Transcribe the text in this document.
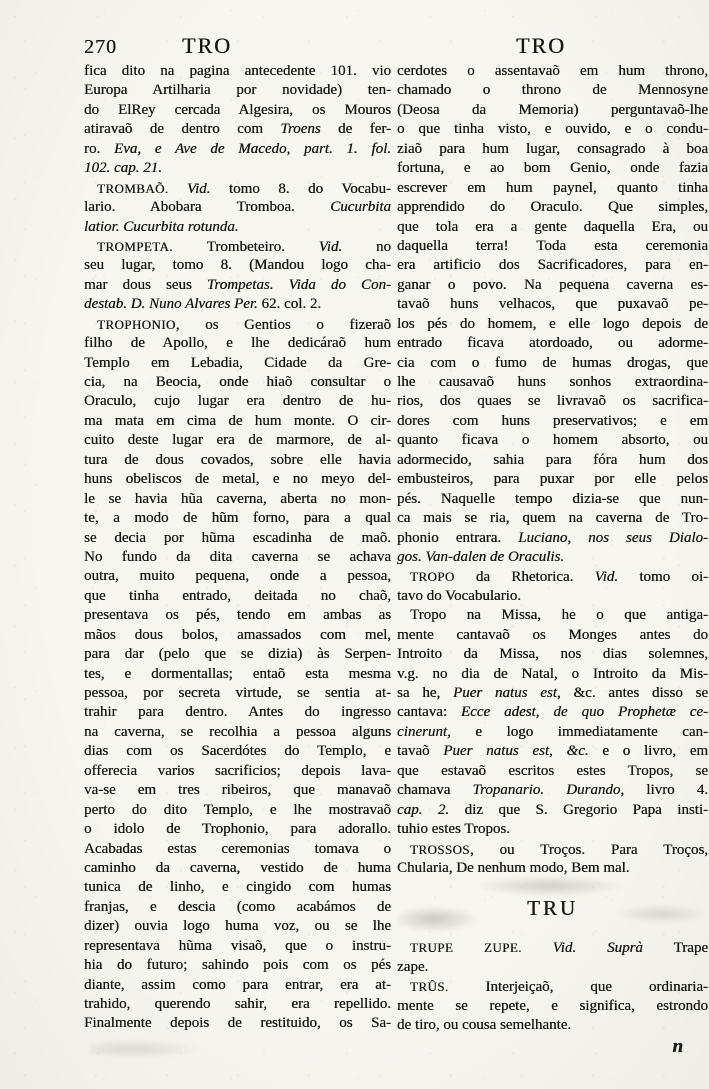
270	TRO	TRO
fica dito na pagina antecedente 101. vio
Europa Artilharia por novidade) ten-
do ElRey cercada Algesira, os Mouros
atiravaõ de dentro com Troens de fer-
ro. Eva, e Ave de Macedo, part. 1. fol.
102. cap. 21.
TROMBAÕ. Vid. tomo 8. do Vocabu-
lario. Abobara Tromboa. Cucurbita
latior. Cucurbita rotunda.
TROMPETA. Trombeteiro. Vid. no
seu lugar, tomo 8. (Mandou logo cha-
mar dous seus Trompetas. Vida do Con-
destab. D. Nuno Alvares Per. 62. col. 2.
TROPHONIO, os Gentios o fizeraõ
filho de Apollo, e lhe dedicáraõ hum
Templo em Lebadia, Cidade da Gre-
cia, na Beocia, onde hiaõ consultar o
Oraculo, cujo lugar era dentro de hu-
ma mata em cima de hum monte. O cir-
cuito deste lugar era de marmore, de al-
tura de dous covados, sobre elle havia
huns obeliscos de metal, e no meyo del-
le se havia hũa caverna, aberta no mon-
te, a modo de hũm forno, para a qual
se decia por hũma escadinha de maõ.
No fundo da dita caverna se achava
outra, muito pequena, onde a pessoa,
que tinha entrado, deitada no chaõ,
presentava os pés, tendo em ambas as
mãos dous bolos, amassados com mel,
para dar (pelo que se dizia) às Serpen-
tes, e dormentallas; entaõ esta mesma
pessoa, por secreta virtude, se sentia at-
trahir para dentro. Antes do ingresso
na caverna, se recolhia a pessoa alguns
dias com os Sacerdótes do Templo, e
offerecia varios sacrificios; depois lava-
va-se em tres ribeiros, que manavaõ
perto do dito Templo, e lhe mostravaõ
o idolo de Trophonio, para adorallo.
Acabadas estas ceremonias tomava o
caminho da caverna, vestido de huma
tunica de linho, e cingido com humas
franjas, e descia (como acabámos de
dizer) ouvia logo huma voz, ou se lhe
representava hũma visaõ, que o instru-
hia do futuro; sahindo pois com os pés
diante, assim como para entrar, era at-
trahido, querendo sahir, era repellido.
Finalmente depois de restituido, os Sa-
cerdotes o assentavaõ em hum throno,
chamado o throno de Mennosyne
(Deosa da Memoria) perguntavaõ-lhe
o que tinha visto, e ouvido, e o condu-
ziaõ para hum lugar, consagrado à boa
fortuna, e ao bom Genio, onde fazia
escrever em hum paynel, quanto tinha
apprendido do Oraculo. Que simples,
que tola era a gente daquella Era, ou
daquella terra! Toda esta ceremonia
era artificio dos Sacrificadores, para en-
ganar o povo. Na pequena caverna es-
tavaõ huns velhacos, que puxavaõ pe-
los pés do homem, e elle logo depois de
entrado ficava atordoado, ou adorme-
cia com o fumo de humas drogas, que
lhe causavaõ huns sonhos extraordina-
rios, dos quaes se livravaõ os sacrifica-
dores com huns preservativos; e em
quanto ficava o homem absorto, ou
adormecido, sahia para fóra hum dos
embusteiros, para puxar por elle pelos
pés. Naquelle tempo dizia-se que nun-
ca mais se ria, quem na caverna de Tro-
phonio entrara. Luciano, nos seus Dialo-
gos. Van-dalen de Oraculis.
TROPO da Rhetorica. Vid. tomo oi-
tavo do Vocabulario.
Tropo na Missa, he o que antiga-
mente cantavaõ os Monges antes do
Introito da Missa, nos dias solemnes,
v.g. no dia de Natal, o Introito da Mis-
sa he, Puer natus est, &c. antes disso se
cantava: Ecce adest, de quo Prophetæ ce-
cinerunt, e logo immediatamente can-
tavaõ Puer natus est, &c. e o livro, em
que estavaõ escritos estes Tropos, se
chamava Tropanario. Durando, livro 4.
cap. 2. diz que S. Gregorio Papa insti-
tuhio estes Tropos.
TROSSOS, ou Troços. Para Troços,
Chularia, De nenhum modo, Bem mal.
TRU
TRUPE ZUPE. Vid. Suprà Trape
zape.
TRÛS. Interjeiçaõ, que ordinaria-
mente se repete, e significa, estrondo
de tiro, ou cousa semelhante.
n
